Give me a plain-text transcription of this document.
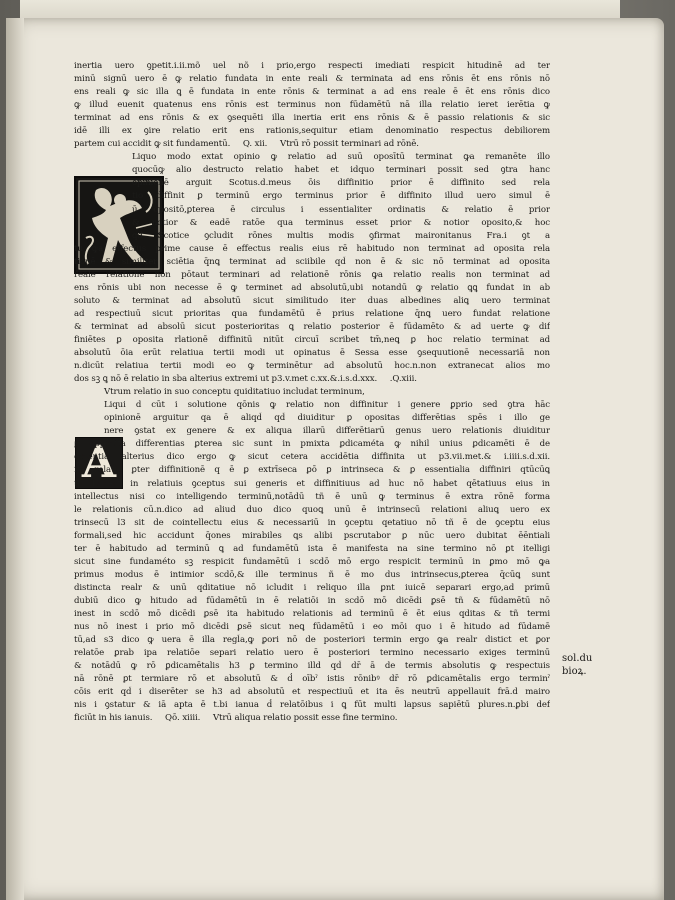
A
inertia uero ꝯpetit.i.ii.mõ uel nõ i prio,ergo respecti imediati respicit hitudinē ad ter
minū signū uero ē ꝙ relatio fundata in ente reali & terminata ad ens rōnis ēt ens rōnis nō
ens reali ꝙ sic illa ꝗ ē fundata in ente rōnis & terminat a ad ens reale ē ēt ens rōnis dico
ꝙ illud euenit quatenus ens rōnis est terminus non fūdamētū nā illa relatio ieret ierētia ꝙ
terminat ad ens rōnis & ex ꝯsequēti illa inertia erit ens rōnis & ē passio relationis & sic
idē illi ex ꝯire relatio erit ens rationis,sequitur etiam denominatio respectus debiliorem
partem cui accidit ꝙ sit fundamentū. Q. xii. Vtrū rō possit terminari ad rōnē.
Liquo modo extat opinio ꝙ relatio ad suū oposītū terminat ꝙa remanēte illo
quocūꝙ alio destructo relatio habet et idquo terminari possit sed ꝯtra hanc
opinionē arguit Scotus.d.meus ōis diffinitio prior ē diffinito sed rela
tio diffinit ꝑ terminū ergo terminus prior ē diffinito illud uero simul ē
ū opositō,ꝑterea ē circulus i essentialiter ordinatis & relatio ē prior
& notior & eadē ratōe qua terminus esset prior & notior oposito,& hoc
qd̄ Scotice ꝯcludit rōnes multis modis ꝯfirmat maironitanus Fra.i ꝯt a
tu ꝙa effectus prime cause ē effectus realis eius rē habitudo non terminat ad oposita rela
tionē & similiter sciētia q̄nꝗ terminat ad sciibile qd̄ non ē & sic nō terminat ad oposita
reale relatione non pōtaut terminari ad relationē rōnis ꝙa relatio realis non terminat ad
ens rōnis ubi non necesse ē ꝙ terminet ad absolutū,ubi notandū ꝙ relatio ꝗꝗ fundat in ab
soluto & terminat ad absolutū sicut similitudo iter duas albedines aliꝗ uero terminat
ad respectiuū sicut prioritas qua fundamētū ē prius relatione q̄nꝗ uero fundat relatione
& terminat ad absolū sicut posterioritas ꝗ relatio posterior ē fūdamēto & ad uerte ꝙ dif
finiētes ꝑ oposita rlationē diffinitū nitūt circuī scribet tm̄,neꝗ ꝑ hoc relatio terminat ad
absolutū ōia erūt relatiua tertii modi ut opinatus ē Sessa esse ꝯsequutionē necessariā non
n.dicūt relatiua tertii modi eo ꝙ terminētur ad absolutū hoc.n.non extranecat alios mo
dos sꝫ ꝗ nō ē relatio in sba alterius extremi ut p3.v.met c.xx.&.i.s.d.xxx. .Q.xiii.
Vtrum relatio in suo conceptu quiditatiuo includat terminum,
Liqui d cūt i solutione qōnis ꝙ relatio non diffinitur i genere ꝑprio sed ꝯtra hāc
opinionē arguitur qa ē aliqd̄ qd̄ diuiditur ꝑ opositas differētias spēs i illo ge
nere ꝯstat ex genere & ex aliqua illarū differētiarū genus uero relationis diuiditur
ꝑ opposita differentias ꝑterea sic sunt in pmixta ꝑdicaméta ꝙ nihil unius ꝑdicamēti ē de
essentia alterius dico ergo ꝙ sicut cetera accidētia diffinita ut p3.vii.met.& i.iiii.s.d.xii.
ita relatio ꝑter diffinitionē q ē ꝑ extrīseca ꝑō ꝑ intrinseca & ꝑ essentialia diffiniri qtūcūꝗ
tñ habeat in relatiuis ꝯceptus sui generis et diffinitiuus ad huc nō habet qētatiuus eius in
intellectus nisi co intelligendo terminū,notādū tñ ē unū ꝙ terminus ē extra rōnē forma
le relationis cū.n.dico ad aliud duo dico quoꝗ unū ē intrinsecū relationi aliuꝗ uero ex
trinsecū l3 sit de cointellectu eius & necessariū in ꝯceptu qetatiuo nō tñ ē de ꝯceptu eius
formali,sed hic accidunt q̄ones mirabiles ꝗs alibi pscrutabor ꝑ nūc uero dubitat ēēntiali
ter ē habitudo ad terminū ꝗ ad fundamētū ista ē manifesta na sine termino nō ꝑt itelligi
sicut sine fundaméto sꝫ respicit fundamētū i scdō mō ergo respicit terminū in ꝑmo mō ꝙa
primus modus ē intimior scdō,& ille terminus ñ ē mo dus intrinsecus,ꝑterea q̄cūꝗ sunt
distincta realr & unū qditatiue nō icludit i reliquo illa ꝑnt iuicē separari ergo,ad primū
dubiū dico ꝙ hitudo ad fūdamētū in ē relatiōi in scdō mō dicēdi ꝑsē tñ & fūdamētū nō
inest in scdō mō dicēdi ꝑsē ita habitudo relationis ad terminū ē ēt eius qditas & tñ termi
nus nō inest i prio mō dicēdi ꝑsē sicut neꝗ fūdamētū i eo mōi quo i ē hitudo ad fūdamē
tū,ad s3 dico ꝙ uera ē illa regl̄a,ꝙ ꝑori nō de posteriori termin ergo ꝙa realr distict et ꝑor
relatōe ꝑrab ipa relatiōe separi relatio uero ē posteriori termino necessario exiges terminū
& notādū ꝙ rō ꝑdicamētalis h3 ꝑ termino illd qd̄ dr̄ ā de termis absolutis ꝙ respectuis
nā rōnē ꝑt termiare rō et absolutū & ḋ oībˀ istis rōnibꝰ dr̄ rō ꝑdicamētalis ergo terminˀ
cōis erit qd̄ i diserēter se h3 ad absolutū et respectiuū et ita ēs neutrū appellauit frā.d mairo
nis i ꝯstatur & iā apta ē t.bi ianua ḋ relatōibus i ꝗ fūt multi lapsus sapiētū plures.n.ꝑbi def
ficiūt in his ianuis. Qō. xiiii. Vtrū aliqua relatio possit esse fine termino.
sol.du
bioꝝ.
